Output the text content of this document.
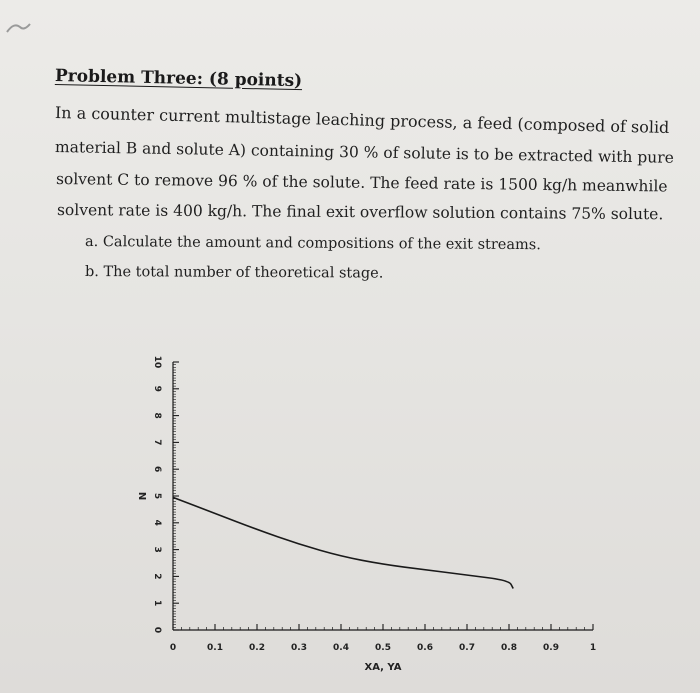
Problem Three: (8 points)
In a counter current multistage leaching process, a feed (composed of solid
material B and solute A) containing 30 % of solute is to be extracted with pure
solvent C to remove 96 % of the solute. The feed rate is 1500 kg/h meanwhile
solvent rate is 400 kg/h. The final exit overflow solution contains 75% solute.
a. Calculate the amount and compositions of the exit streams.
b. The total number of theoretical stage.
0	0.1	0.2	0.3	0.4	0.5	0.6	0.7	0.8	0.9	1
0
1
2
3
4
5
6
7
8
9
10
XA, YA
N
